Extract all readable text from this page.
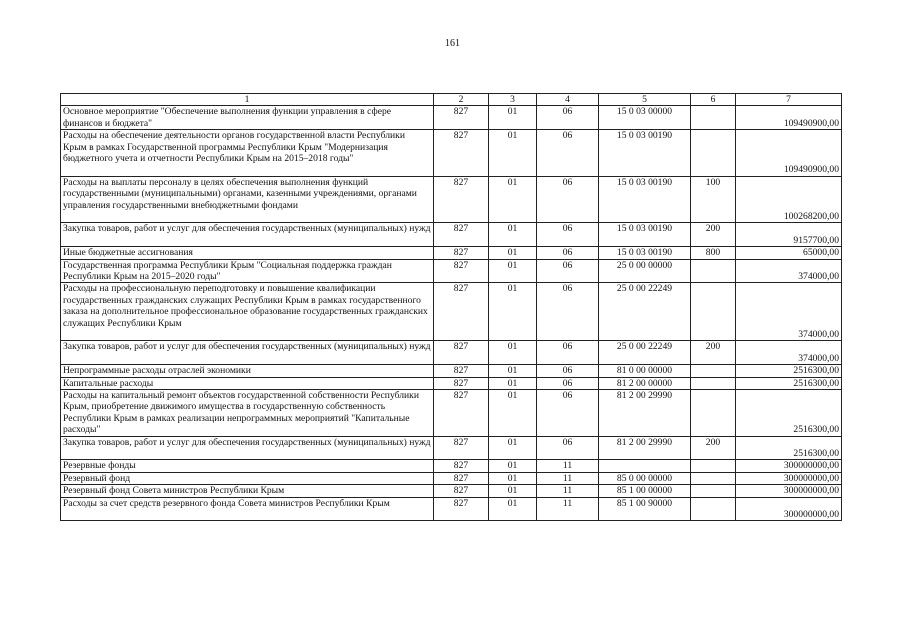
161
1	2	3	4	5	6	7
Основное мероприятие "Обеспечение выполнения функции управления в сфере финансов и бюджета"	827	01	06	15 0 03 00000		109490900,00
Расходы на обеспечение деятельности органов государственной власти Республики Крым в рамках Государственной программы Республики Крым "Модернизация бюджетного учета и отчетности Республики Крым на 2015–2018 годы"	827	01	06	15 0 03 00190		109490900,00
Расходы на выплаты персоналу в целях обеспечения выполнения функций государственными (муниципальными) органами, казенными учреждениями, органами управления государственными внебюджетными фондами	827	01	06	15 0 03 00190	100	100268200,00
Закупка товаров, работ и услуг для обеспечения государственных (муниципальных) нужд	827	01	06	15 0 03 00190	200	9157700,00
Иные бюджетные ассигнования	827	01	06	15 0 03 00190	800	65000,00
Государственная программа Республики Крым "Социальная поддержка граждан Республики Крым на 2015–2020 годы"	827	01	06	25 0 00 00000		374000,00
Расходы на профессиональную переподготовку и повышение квалификации государственных гражданских служащих Республики Крым в рамках государственного заказа на дополнительное профессиональное образование государственных гражданских служащих Республики Крым	827	01	06	25 0 00 22249		374000,00
Закупка товаров, работ и услуг для обеспечения государственных (муниципальных) нужд	827	01	06	25 0 00 22249	200	374000,00
Непрограммные расходы отраслей экономики	827	01	06	81 0 00 00000		2516300,00
Капитальные расходы	827	01	06	81 2 00 00000		2516300,00
Расходы на капитальный ремонт объектов государственной собственности Республики Крым, приобретение движимого имущества в государственную собственность Республики Крым в рамках реализации непрограммных мероприятий "Капитальные расходы"	827	01	06	81 2 00 29990		2516300,00
Закупка товаров, работ и услуг для обеспечения государственных (муниципальных) нужд	827	01	06	81 2 00 29990	200	2516300,00
Резервные фонды	827	01	11			300000000,00
Резервный фонд	827	01	11	85 0 00 00000		300000000,00
Резервный фонд Совета министров Республики Крым	827	01	11	85 1 00 00000		300000000,00
Расходы за счет средств резервного фонда Совета министров Республики Крым	827	01	11	85 1 00 90000		300000000,00
